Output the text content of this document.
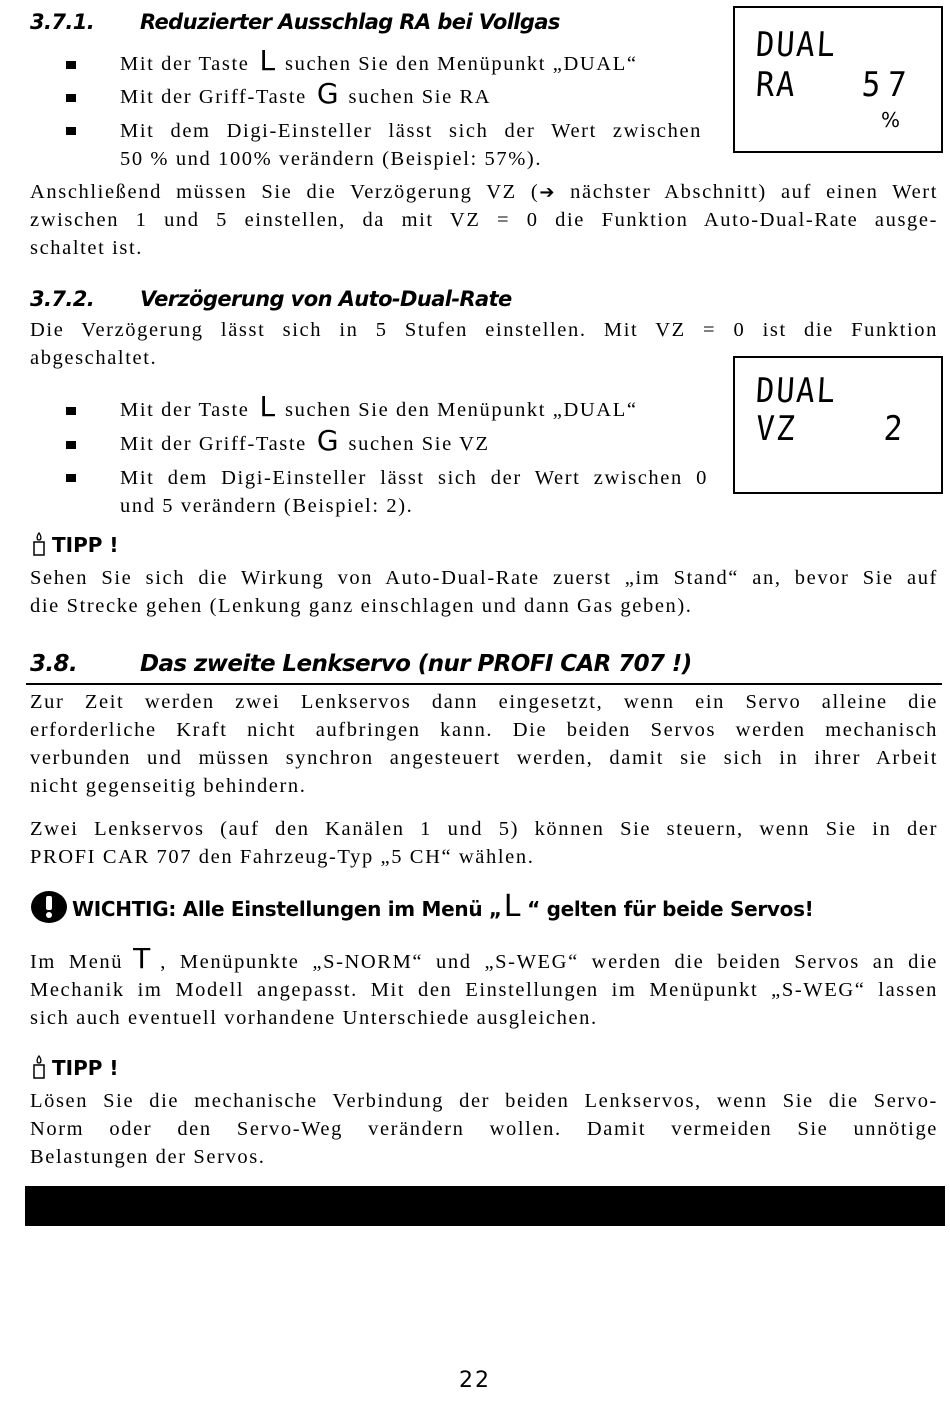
3.7.1. Reduzierter Ausschlag RA bei Vollgas
DUAL
RA 57
%
Mit der Taste L suchen Sie den Menüpunkt „DUAL“
Mit der Griff-Taste G suchen Sie RA
Mit dem Digi-Einsteller lässt sich der Wert zwischen
50 % und 100% verändern (Beispiel: 57%).
Anschließend müssen Sie die Verzögerung VZ (➔ nächster Abschnitt) auf einen Wert
zwischen 1 und 5 einstellen, da mit VZ = 0 die Funktion Auto-Dual-Rate ausge-
schaltet ist.
3.7.2. Verzögerung von Auto-Dual-Rate
Die Verzögerung lässt sich in 5 Stufen einstellen. Mit VZ = 0 ist die Funktion
abgeschaltet.
DUAL
VZ	2
Mit der Taste L suchen Sie den Menüpunkt „DUAL“
Mit der Griff-Taste G suchen Sie VZ
Mit dem Digi-Einsteller lässt sich der Wert zwischen 0
und 5 verändern (Beispiel: 2).
TIPP !
Sehen Sie sich die Wirkung von Auto-Dual-Rate zuerst „im Stand“ an, bevor Sie auf
die Strecke gehen (Lenkung ganz einschlagen und dann Gas geben).
3.8.	Das zweite Lenkservo (nur PROFI CAR 707 !)
Zur Zeit werden zwei Lenkservos dann eingesetzt, wenn ein Servo alleine die
erforderliche Kraft nicht aufbringen kann. Die beiden Servos werden mechanisch
verbunden und müssen synchron angesteuert werden, damit sie sich in ihrer Arbeit
nicht gegenseitig behindern.
Zwei Lenkservos (auf den Kanälen 1 und 5) können Sie steuern, wenn Sie in der
PROFI CAR 707 den Fahrzeug-Typ „5 CH“ wählen.
WICHTIG: Alle Einstellungen im Menü „L “ gelten für beide Servos!
Im Menü T , Menüpunkte „S-NORM“ und „S-WEG“ werden die beiden Servos an die
Mechanik im Modell angepasst. Mit den Einstellungen im Menüpunkt „S-WEG“ lassen
sich auch eventuell vorhandene Unterschiede ausgleichen.
TIPP !
Lösen Sie die mechanische Verbindung der beiden Lenkservos, wenn Sie die Servo-
Norm oder den Servo-Weg verändern wollen. Damit vermeiden Sie unnötige
Belastungen der Servos.
22
